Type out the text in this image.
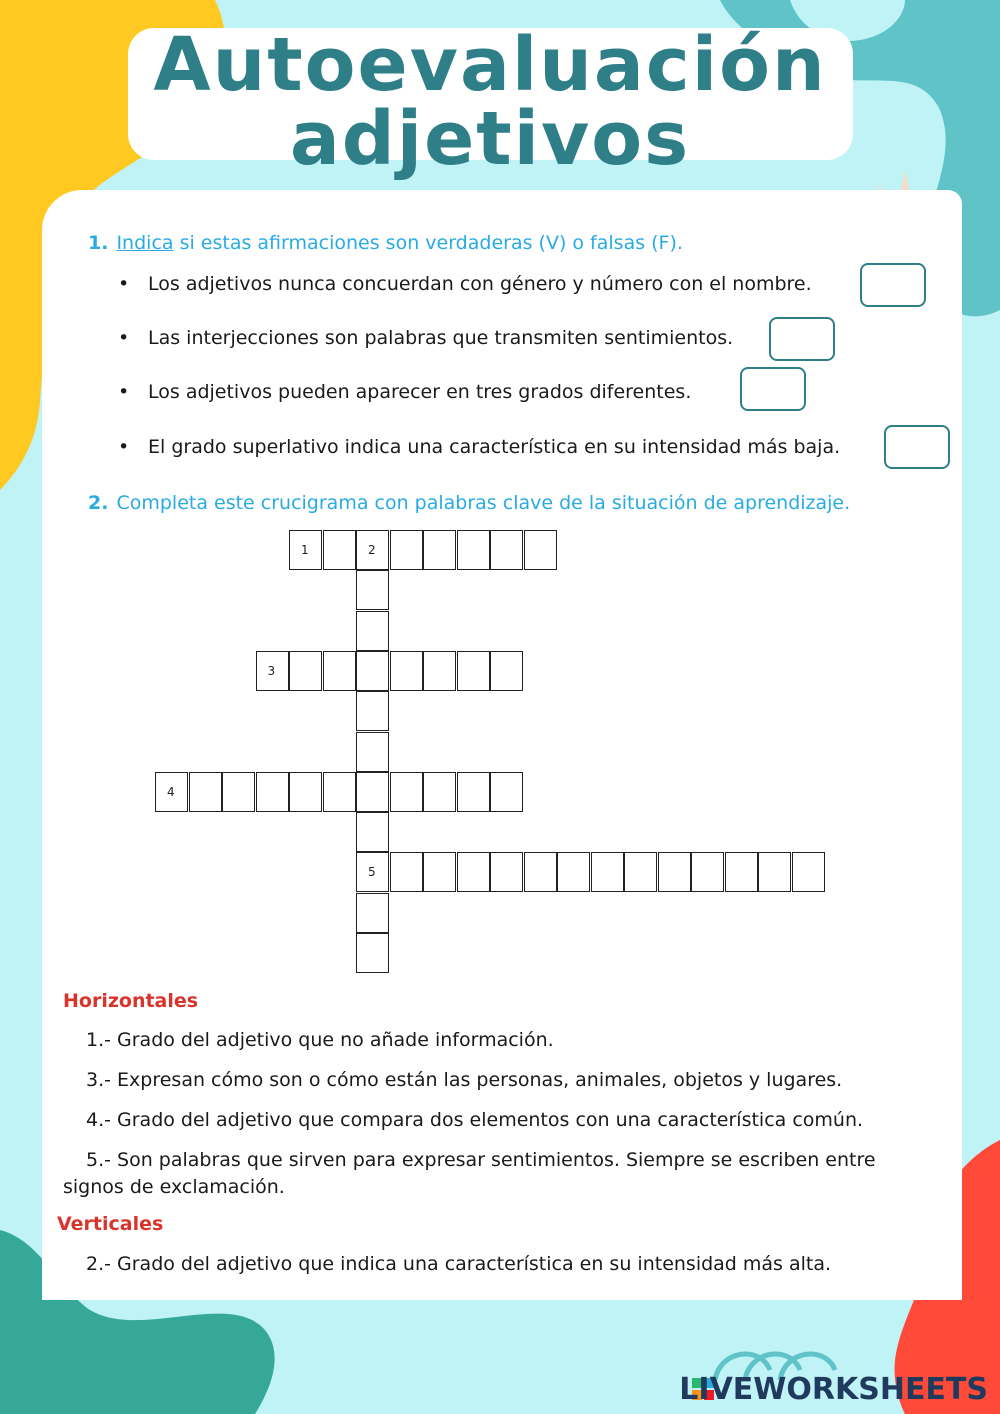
Autoevaluación
adjetivos
1. Indica si estas afirmaciones son verdaderas (V) o falsas (F).
• Los adjetivos nunca concuerdan con género y número con el nombre.
• Las interjecciones son palabras que transmiten sentimientos.
• Los adjetivos pueden aparecer en tres grados diferentes.
• El grado superlativo indica una característica en su intensidad más baja.
2. Completa este crucigrama con palabras clave de la situación de aprendizaje.
1	2
5
3
4
Horizontales
1.- Grado del adjetivo que no añade información.
3.- Expresan cómo son o cómo están las personas, animales, objetos y lugares.
4.- Grado del adjetivo que compara dos elementos con una característica común.
5.- Son palabras que sirven para expresar sentimientos. Siempre se escriben entre
signos de exclamación.
Verticales
2.- Grado del adjetivo que indica una característica en su intensidad más alta.
LIVEWORKSHEETS
